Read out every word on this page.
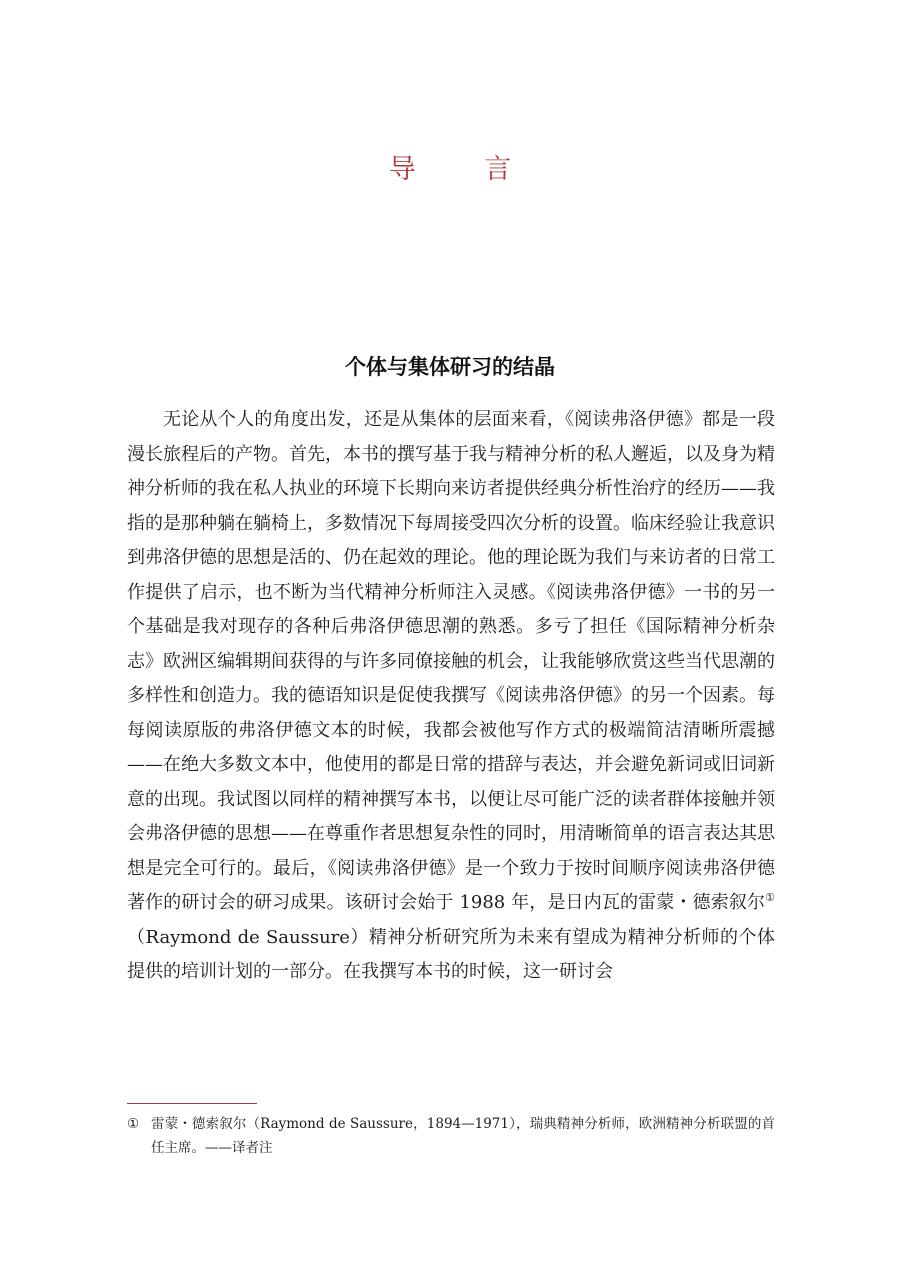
导 言
个体与集体研习的结晶

无论从个人的角度出发，还是从集体的层面来看，《阅读弗洛伊德》都是一段漫长旅程后的产物。首先，本书的撰写基于我与精神分析的私人邂逅，以及身为精神分析师的我在私人执业的环境下长期向来访者提供经典分析性治疗的经历——我指的是那种躺在躺椅上，多数情况下每周接受四次分析的设置。临床经验让我意识到弗洛伊德的思想是活的、仍在起效的理论。他的理论既为我们与来访者的日常工作提供了启示，也不断为当代精神分析师注入灵感。《阅读弗洛伊德》一书的另一个基础是我对现存的各种后弗洛伊德思潮的熟悉。多亏了担任《国际精神分析杂志》欧洲区编辑期间获得的与许多同僚接触的机会，让我能够欣赏这些当代思潮的多样性和创造力。我的德语知识是促使我撰写《阅读弗洛伊德》的另一个因素。每每阅读原版的弗洛伊德文本的时候，我都会被他写作方式的极端简洁清晰所震撼——在绝大多数文本中，他使用的都是日常的措辞与表达，并会避免新词或旧词新意的出现。我试图以同样的精神撰写本书，以便让尽可能广泛的读者群体接触并领会弗洛伊德的思想——在尊重作者思想复杂性的同时，用清晰简单的语言表达其思想是完全可行的。最后，《阅读弗洛伊德》是一个致力于按时间顺序阅读弗洛伊德著作的研讨会的研习成果。该研讨会始于 1988 年，是日内瓦的雷蒙・德索叙尔①（Raymond de Saussure）精神分析研究所为未来有望成为精神分析师的个体提供的培训计划的一部分。在我撰写本书的时候，这一研讨会

① 雷蒙・德索叙尔（Raymond de Saussure，1894—1971），瑞典精神分析师，欧洲精神分析联盟的首任主席。——译者注
